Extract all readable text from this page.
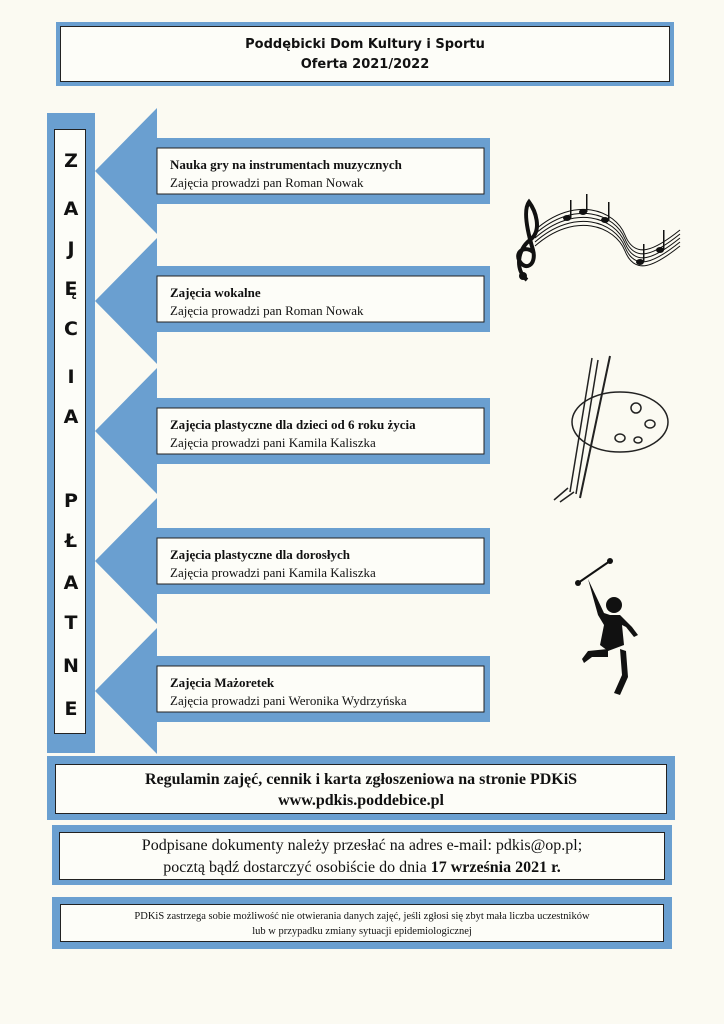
Poddębicki Dom Kultury i Sportu
Oferta 2021/2022
Z
A
J
Ę
C
I
A
P
Ł
A
T
N
E
Nauka gry na instrumentach muzycznych
Zajęcia prowadzi pan Roman Nowak
Zajęcia wokalne
Zajęcia prowadzi pan Roman Nowak
Zajęcia plastyczne dla dzieci od 6 roku życia
Zajęcia prowadzi pani Kamila Kaliszka
Zajęcia plastyczne dla dorosłych
Zajęcia prowadzi pani Kamila Kaliszka
Zajęcia Mażoretek
Zajęcia prowadzi pani Weronika Wydrzyńska
Regulamin zajęć, cennik i karta zgłoszeniowa na stronie PDKiS
www.pdkis.poddebice.pl
Podpisane dokumenty należy przesłać na adres e-mail: pdkis@op.pl;
pocztą bądź dostarczyć osobiście do dnia 17 września 2021 r.
PDKiS zastrzega sobie możliwość nie otwierania danych zajęć, jeśli zgłosi się zbyt mała liczba uczestników
lub w przypadku zmiany sytuacji epidemiologicznej
